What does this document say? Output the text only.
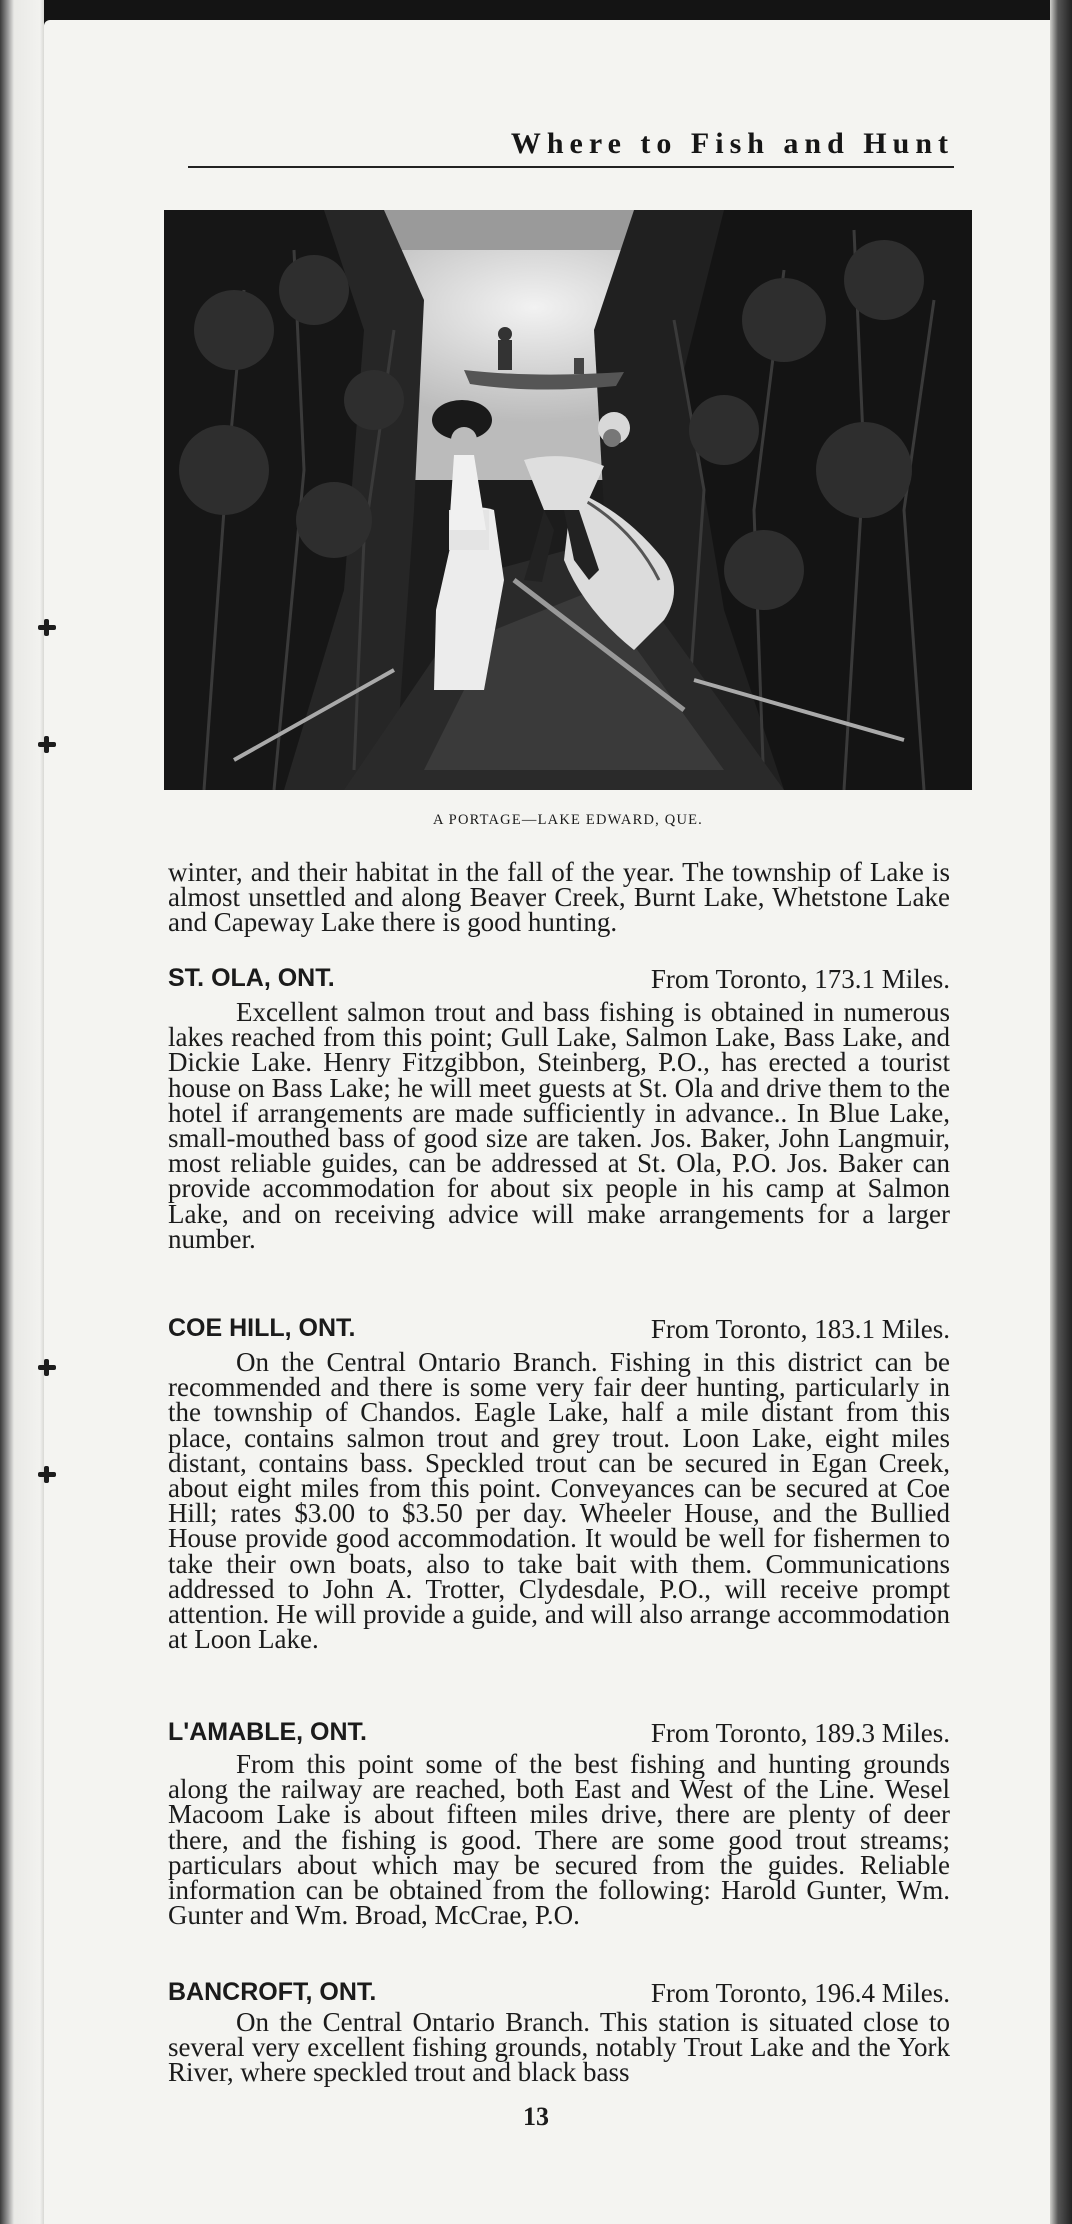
Where to Fish and Hunt
A PORTAGE—LAKE EDWARD, QUE.

winter, and their habitat in the fall of the year. The township of Lake is almost unsettled and along Beaver Creek, Burnt Lake, Whetstone Lake and Capeway Lake there is good hunting.

ST. OLA, ONT.	From Toronto, 173.1 Miles.

Excellent salmon trout and bass fishing is obtained in numerous lakes reached from this point; Gull Lake, Salmon Lake, Bass Lake, and Dickie Lake. Henry Fitzgibbon, Steinberg, P.O., has erected a tourist house on Bass Lake; he will meet guests at St. Ola and drive them to the hotel if arrangements are made sufficiently in advance.. In Blue Lake, small-mouthed bass of good size are taken. Jos. Baker, John Langmuir, most reliable guides, can be addressed at St. Ola, P.O. Jos. Baker can provide accommodation for about six people in his camp at Salmon Lake, and on receiving advice will make arrangements for a larger number.

COE HILL, ONT.	From Toronto, 183.1 Miles.

On the Central Ontario Branch. Fishing in this district can be recommended and there is some very fair deer hunting, particularly in the township of Chandos. Eagle Lake, half a mile distant from this place, contains salmon trout and grey trout. Loon Lake, eight miles distant, contains bass. Speckled trout can be secured in Egan Creek, about eight miles from this point. Conveyances can be secured at Coe Hill; rates $3.00 to $3.50 per day. Wheeler House, and the Bullied House provide good accommodation. It would be well for fishermen to take their own boats, also to take bait with them. Communications addressed to John A. Trotter, Clydesdale, P.O., will receive prompt attention. He will provide a guide, and will also arrange accommodation at Loon Lake.

L'AMABLE, ONT.	From Toronto, 189.3 Miles.

From this point some of the best fishing and hunting grounds along the railway are reached, both East and West of the Line. Wesel Macoom Lake is about fifteen miles drive, there are plenty of deer there, and the fishing is good. There are some good trout streams; particulars about which may be secured from the guides. Reliable information can be obtained from the following: Harold Gunter, Wm. Gunter and Wm. Broad, McCrae, P.O.

BANCROFT, ONT.	From Toronto, 196.4 Miles.

On the Central Ontario Branch. This station is situated close to several very excellent fishing grounds, notably Trout Lake and the York River, where speckled trout and black bass

13
